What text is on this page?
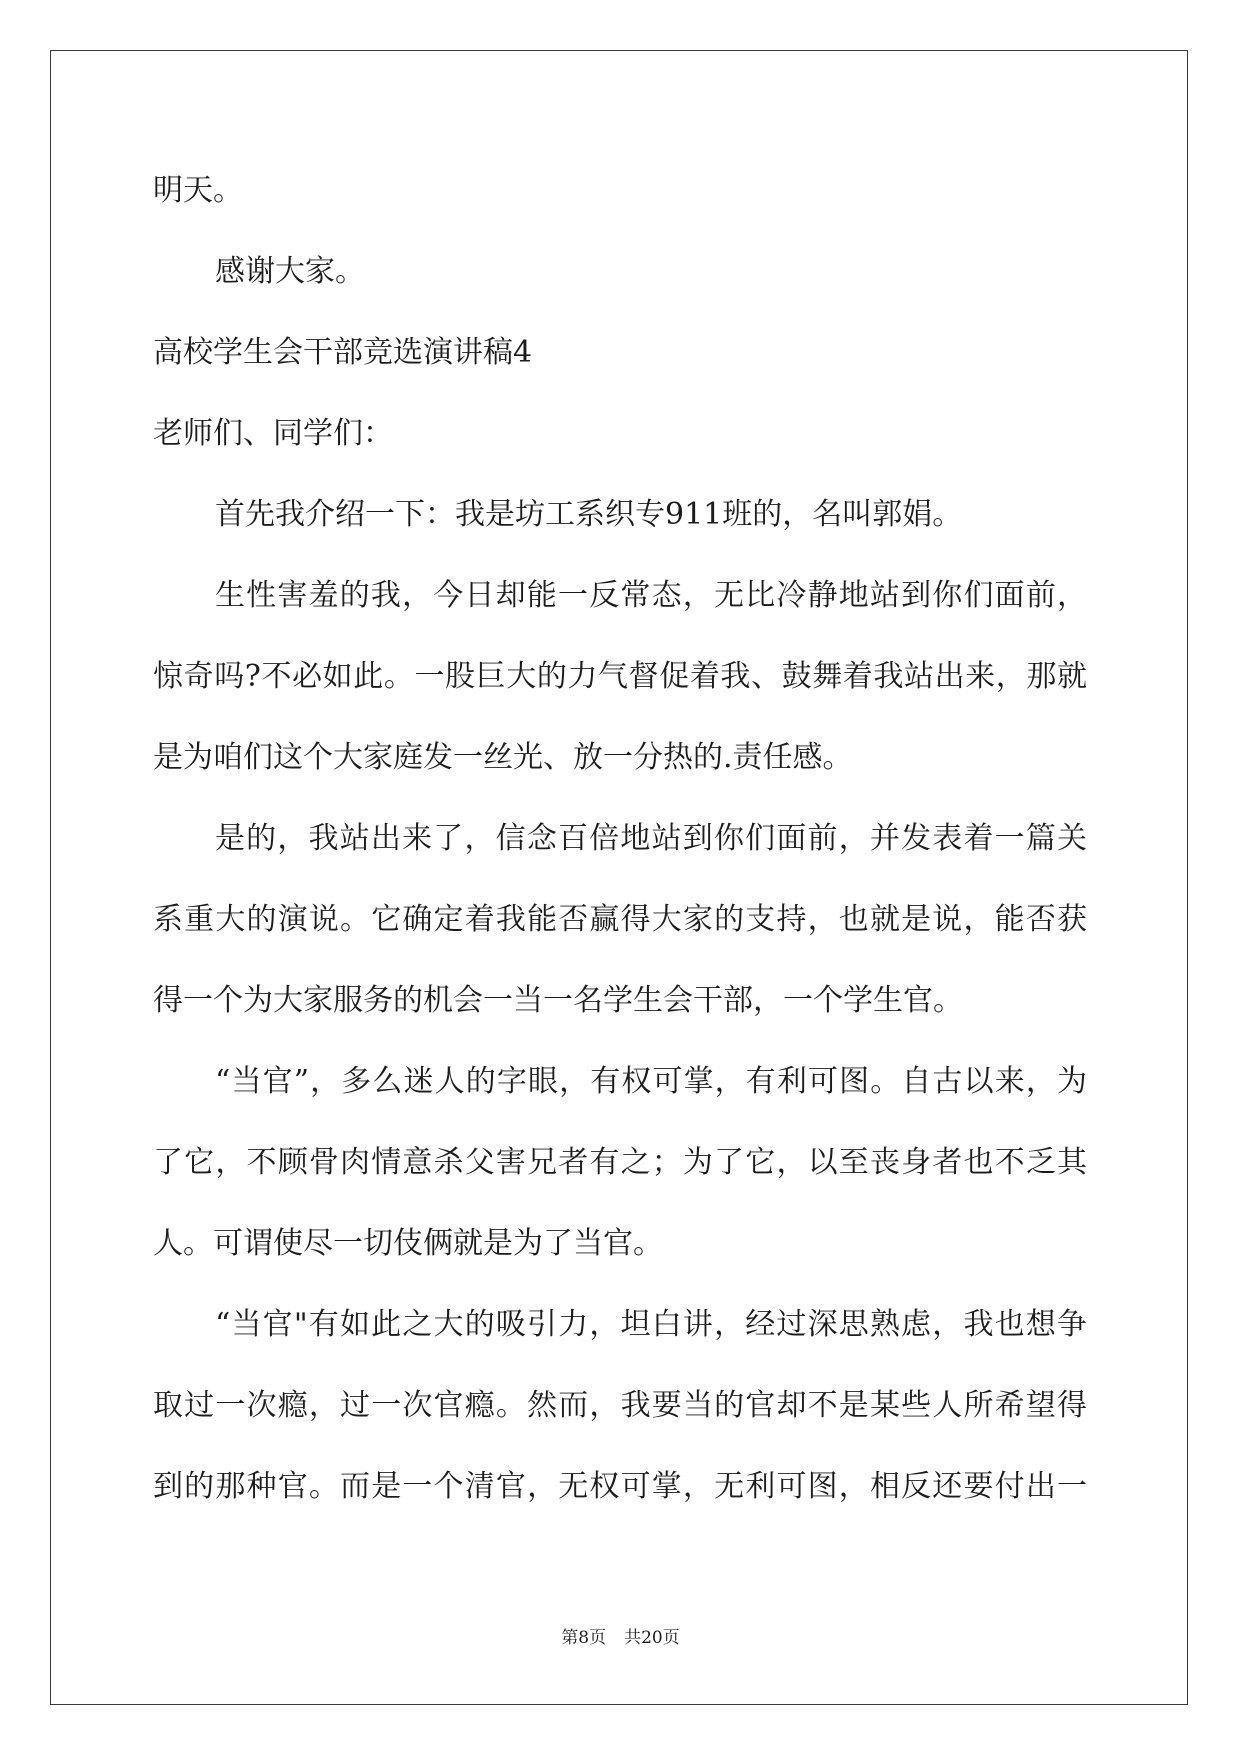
明天。
感谢大家。
高校学生会干部竞选演讲稿4
老师们、同学们：
首先我介绍一下：我是坊工系织专911班的，名叫郭娟。
生性害羞的我，今日却能一反常态，无比冷静地站到你们面前，
惊奇吗?不必如此。一股巨大的力气督促着我、鼓舞着我站出来，那就
是为咱们这个大家庭发一丝光、放一分热的.责任感。
是的，我站出来了，信念百倍地站到你们面前，并发表着一篇关
系重大的演说。它确定着我能否赢得大家的支持，也就是说，能否获
得一个为大家服务的机会一当一名学生会干部，一个学生官。
“当官”，多么迷人的字眼，有权可掌，有利可图。自古以来，为
了它，不顾骨肉情意杀父害兄者有之；为了它，以至丧身者也不乏其
人。可谓使尽一切伎俩就是为了当官。
“当官"有如此之大的吸引力，坦白讲，经过深思熟虑，我也想争
取过一次瘾，过一次官瘾。然而，我要当的官却不是某些人所希望得
到的那种官。而是一个清官，无权可掌，无利可图，相反还要付出一
第8页 共20页
